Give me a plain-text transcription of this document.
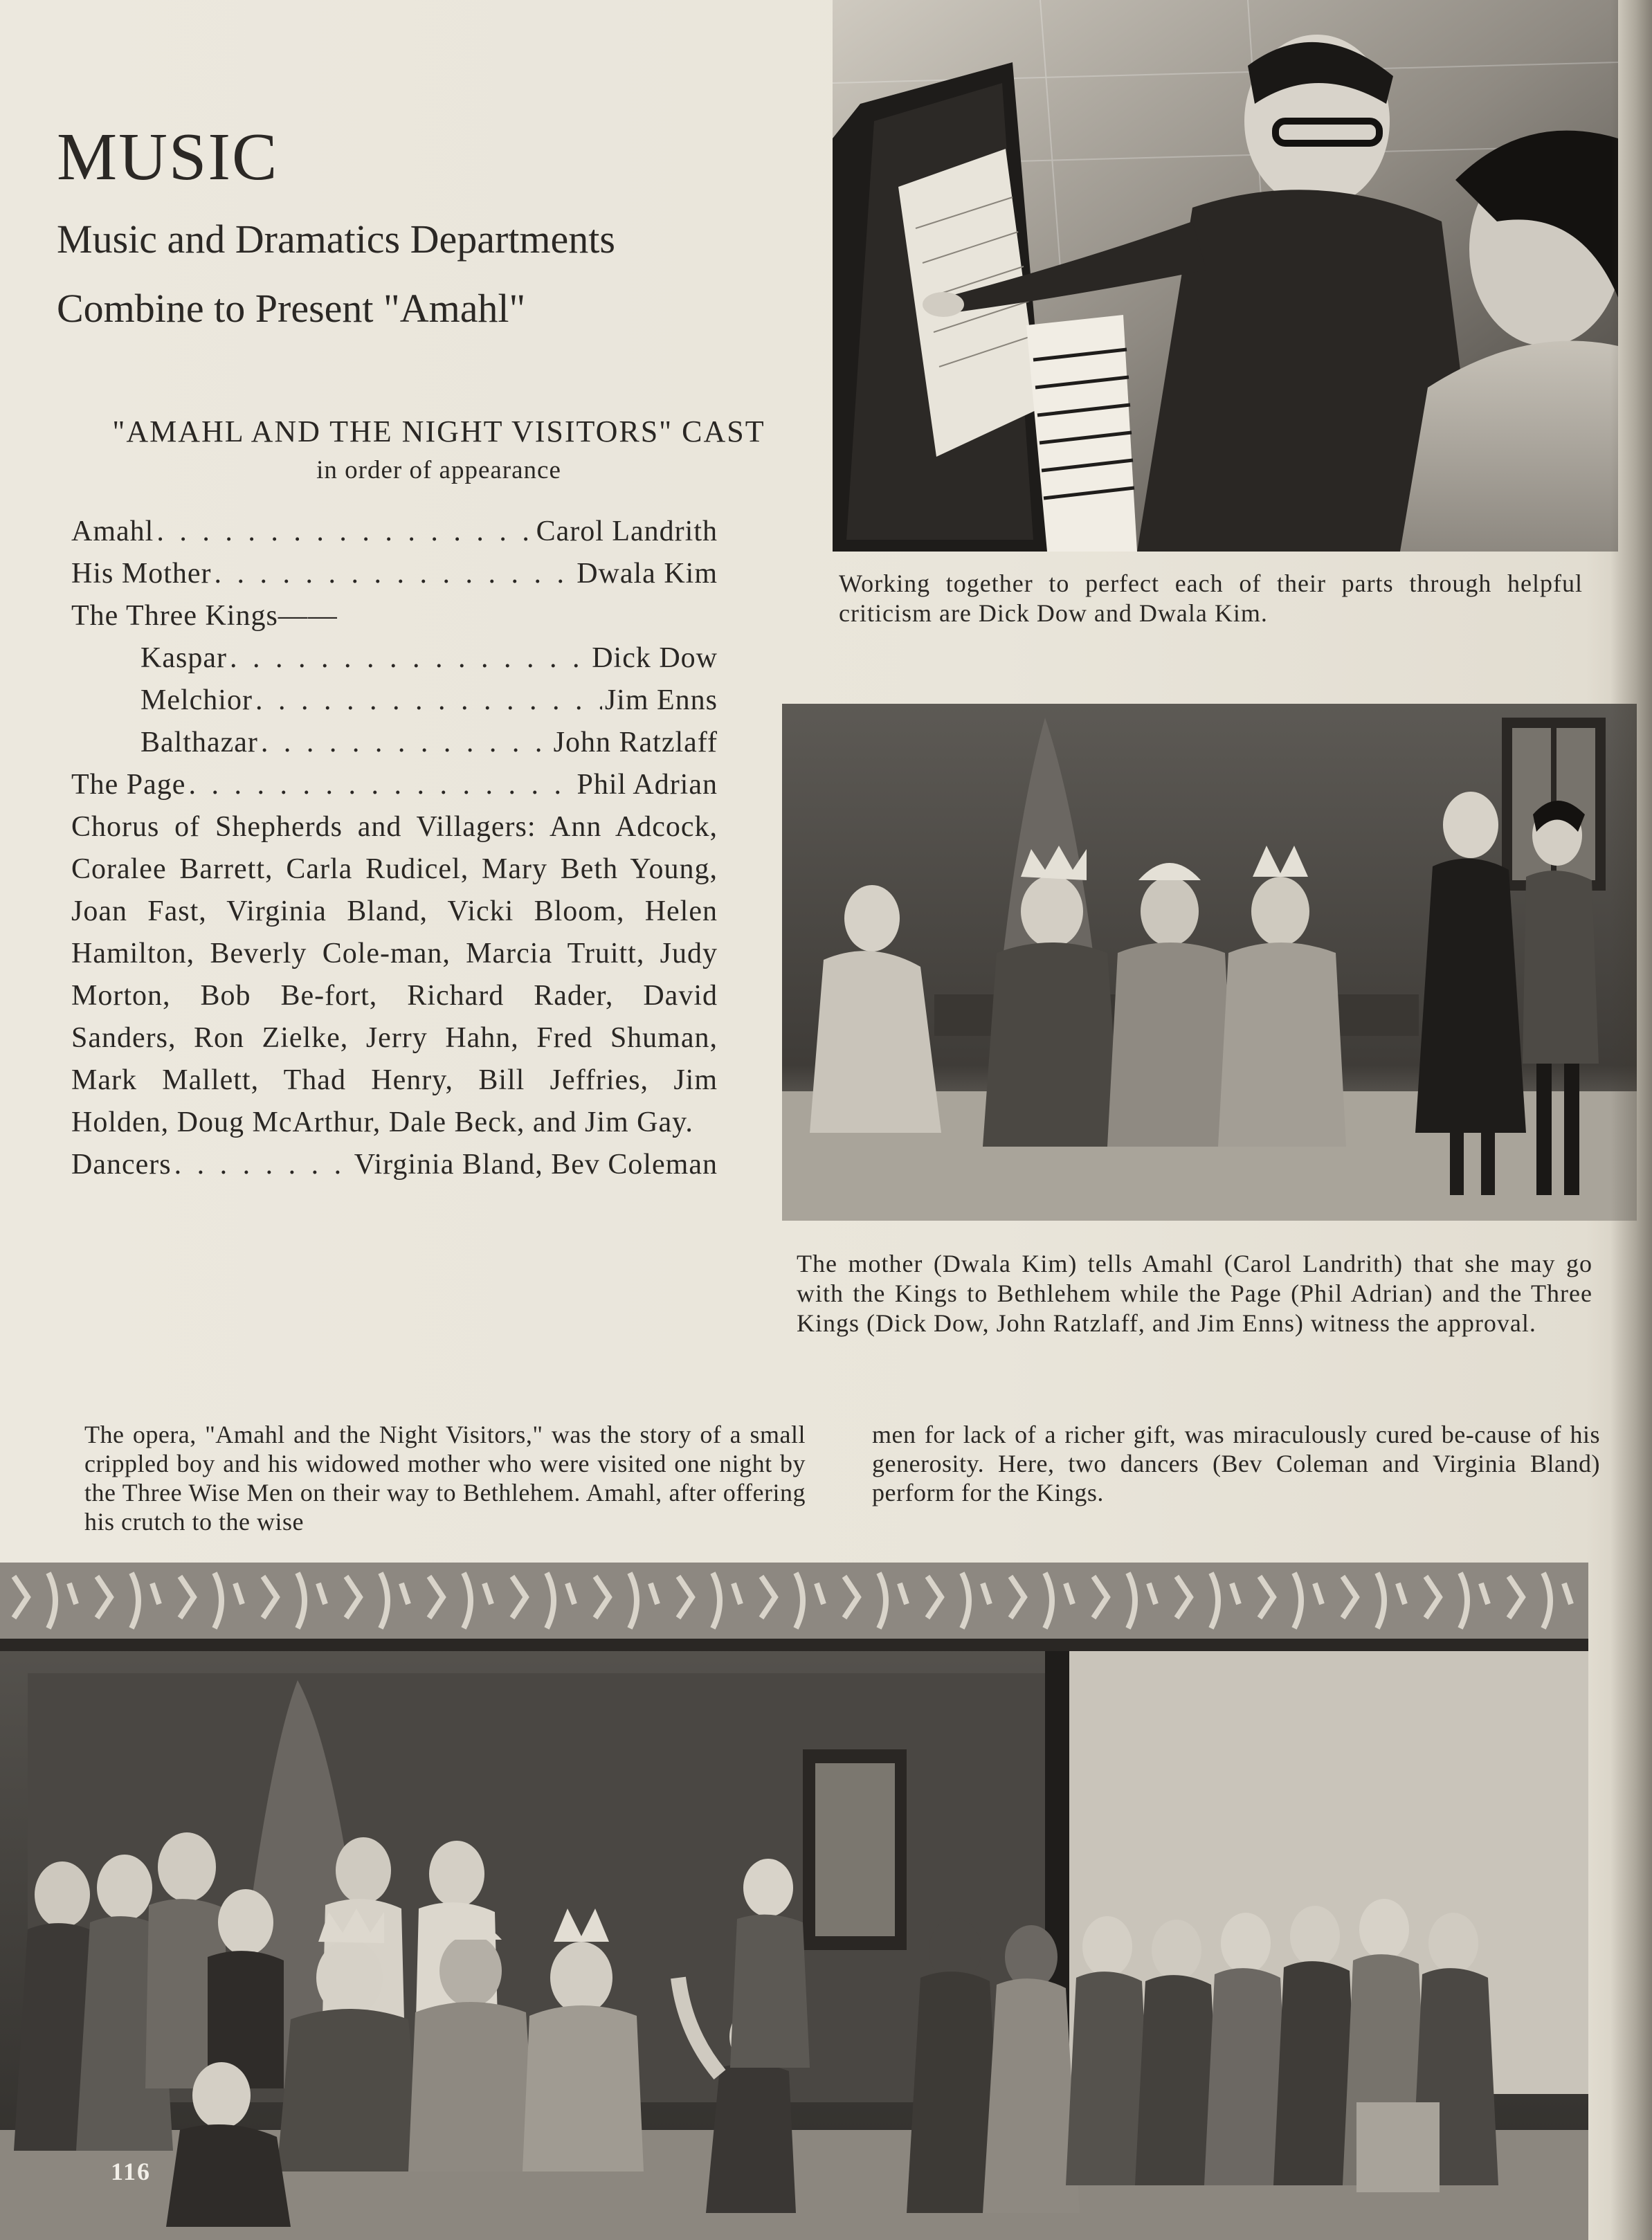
MUSIC
Music and Dramatics Departments
Combine to Present "Amahl"
"AMAHL AND THE NIGHT VISITORS" CAST
in order of appearance
Amahl . . .	Carol Landrith
His Mother . . .	Dwala Kim
The Three Kings——
Kaspar . . .	Dick Dow
Melchior . . .	Jim Enns
Balthazar . . .	John Ratzlaff
The Page . . .	Phil Adrian

Chorus of Shepherds and Villagers: Ann Adcock, Coralee Barrett, Carla Rudicel, Mary Beth Young, Joan Fast, Virginia Bland, Vicki Bloom, Helen Hamilton, Beverly Cole-man, Marcia Truitt, Judy Morton, Bob Be-fort, Richard Rader, David Sanders, Ron Zielke, Jerry Hahn, Fred Shuman, Mark Mallett, Thad Henry, Bill Jeffries, Jim Holden, Doug McArthur, Dale Beck, and Jim Gay.

Dancers . . .	Virginia Bland, Bev Coleman

Working together to perfect each of their parts through helpful criticism are Dick Dow and Dwala Kim.

The mother (Dwala Kim) tells Amahl (Carol Landrith) that she may go with the Kings to Bethlehem while the Page (Phil Adrian) and the Three Kings (Dick Dow, John Ratzlaff, and Jim Enns) witness the approval.

The opera, "Amahl and the Night Visitors," was the story of a small crippled boy and his widowed mother who were visited one night by the Three Wise Men on their way to Bethlehem. Amahl, after offering his crutch to the wise

men for lack of a richer gift, was miraculously cured be-cause of his generosity. Here, two dancers (Bev Coleman and Virginia Bland) perform for the Kings.

116
